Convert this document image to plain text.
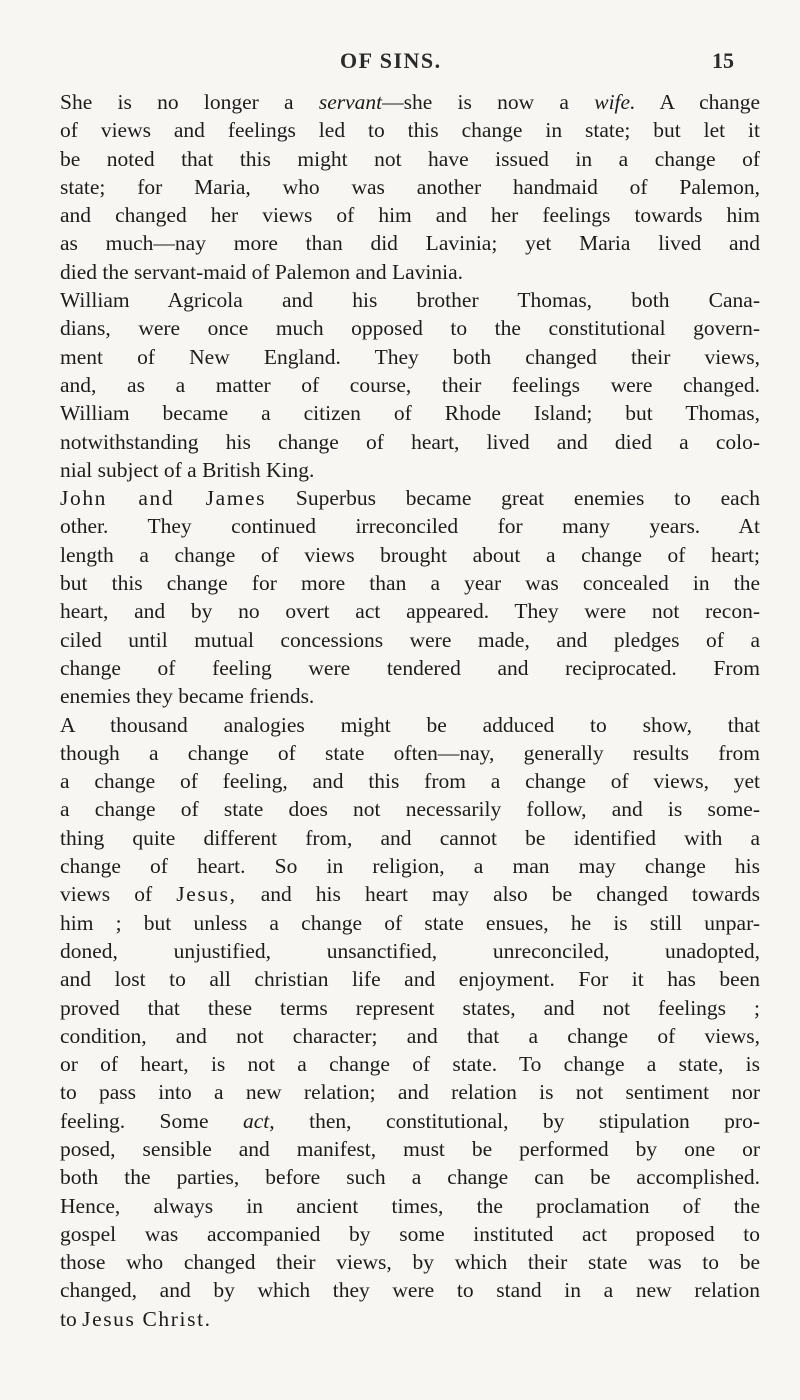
OF SINS.	15
She is no longer a servant—she is now a wife. A change
of views and feelings led to this change in state; but let it
be noted that this might not have issued in a change of
state; for Maria, who was another handmaid of Palemon,
and changed her views of him and her feelings towards him
as much—nay more than did Lavinia; yet Maria lived and
died the servant-maid of Palemon and Lavinia.
William Agricola and his brother Thomas, both Cana-
dians, were once much opposed to the constitutional govern-
ment of New England. They both changed their views,
and, as a matter of course, their feelings were changed.
William became a citizen of Rhode Island; but Thomas,
notwithstanding his change of heart, lived and died a colo-
nial subject of a British King.
John and James Superbus became great enemies to each
other. They continued irreconciled for many years. At
length a change of views brought about a change of heart;
but this change for more than a year was concealed in the
heart, and by no overt act appeared. They were not recon-
ciled until mutual concessions were made, and pledges of a
change of feeling were tendered and reciprocated. From
enemies they became friends.
A thousand analogies might be adduced to show, that
though a change of state often—nay, generally results from
a change of feeling, and this from a change of views, yet
a change of state does not necessarily follow, and is some-
thing quite different from, and cannot be identified with a
change of heart. So in religion, a man may change his
views of Jesus, and his heart may also be changed towards
him ; but unless a change of state ensues, he is still unpar-
doned, unjustified, unsanctified, unreconciled, unadopted,
and lost to all christian life and enjoyment. For it has been
proved that these terms represent states, and not feelings ;
condition, and not character; and that a change of views,
or of heart, is not a change of state. To change a state, is
to pass into a new relation; and relation is not sentiment nor
feeling. Some act, then, constitutional, by stipulation pro-
posed, sensible and manifest, must be performed by one or
both the parties, before such a change can be accomplished.
Hence, always in ancient times, the proclamation of the
gospel was accompanied by some instituted act proposed to
those who changed their views, by which their state was to be
changed, and by which they were to stand in a new relation
to Jesus Christ.
